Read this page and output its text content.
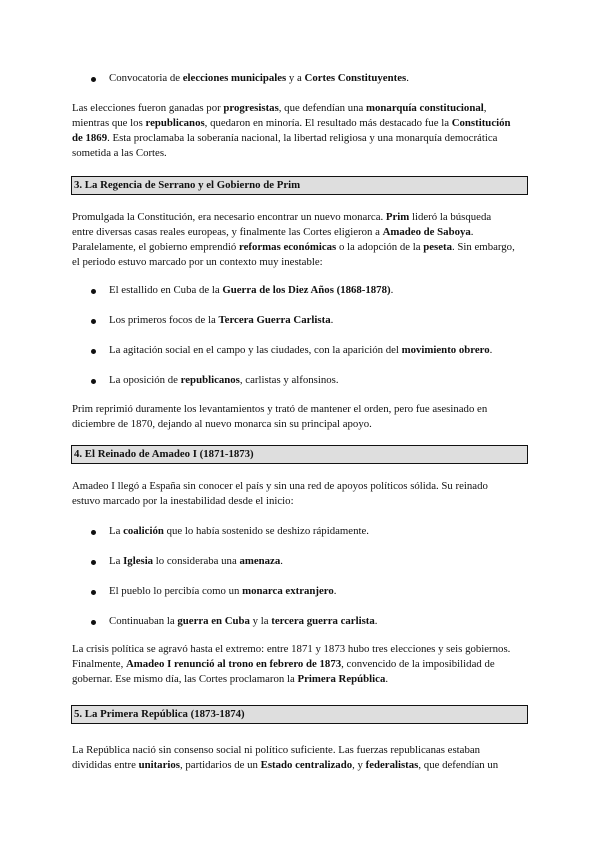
Convocatoria de elecciones municipales y a Cortes Constituyentes.

Las elecciones fueron ganadas por progresistas, que defendían una monarquía constitucional,
mientras que los republicanos, quedaron en minoría. El resultado más destacado fue la Constitución
de 1869. Esta proclamaba la soberanía nacional, la libertad religiosa y una monarquía democrática
sometida a las Cortes.

3. La Regencia de Serrano y el Gobierno de Prim

Promulgada la Constitución, era necesario encontrar un nuevo monarca. Prim lideró la búsqueda
entre diversas casas reales europeas, y finalmente las Cortes eligieron a Amadeo de Saboya.
Paralelamente, el gobierno emprendió reformas económicas o la adopción de la peseta. Sin embargo,
el periodo estuvo marcado por un contexto muy inestable:

El estallido en Cuba de la Guerra de los Diez Años (1868-1878).
Los primeros focos de la Tercera Guerra Carlista.
La agitación social en el campo y las ciudades, con la aparición del movimiento obrero.
La oposición de republicanos, carlistas y alfonsinos.

Prim reprimió duramente los levantamientos y trató de mantener el orden, pero fue asesinado en
diciembre de 1870, dejando al nuevo monarca sin su principal apoyo.

4. El Reinado de Amadeo I (1871-1873)

Amadeo I llegó a España sin conocer el país y sin una red de apoyos políticos sólida. Su reinado
estuvo marcado por la inestabilidad desde el inicio:

La coalición que lo había sostenido se deshizo rápidamente.
La Iglesia lo consideraba una amenaza.
El pueblo lo percibía como un monarca extranjero.
Continuaban la guerra en Cuba y la tercera guerra carlista.

La crisis política se agravó hasta el extremo: entre 1871 y 1873 hubo tres elecciones y seis gobiernos.
Finalmente, Amadeo I renunció al trono en febrero de 1873, convencido de la imposibilidad de
gobernar. Ese mismo día, las Cortes proclamaron la Primera República.

5. La Primera República (1873-1874)

La República nació sin consenso social ni político suficiente. Las fuerzas republicanas estaban
divididas entre unitarios, partidarios de un Estado centralizado, y federalistas, que defendían un
